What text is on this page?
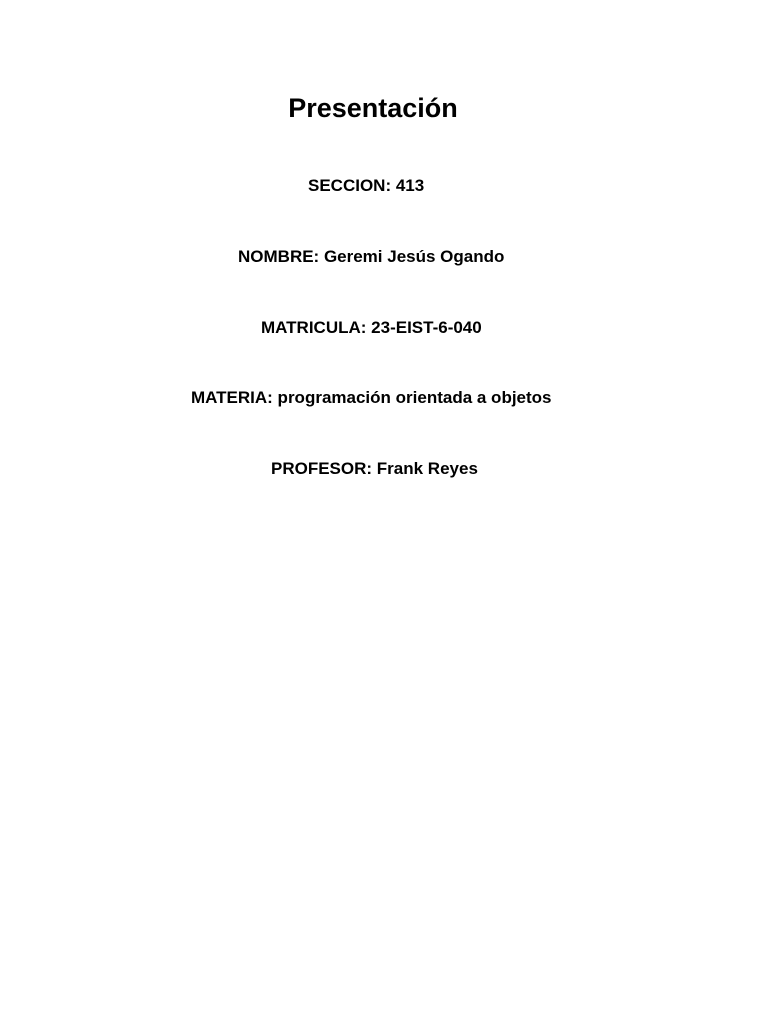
Presentación
SECCION: 413
NOMBRE: Geremi Jesús Ogando
MATRICULA: 23-EIST-6-040
MATERIA: programación orientada a objetos
PROFESOR: Frank Reyes
